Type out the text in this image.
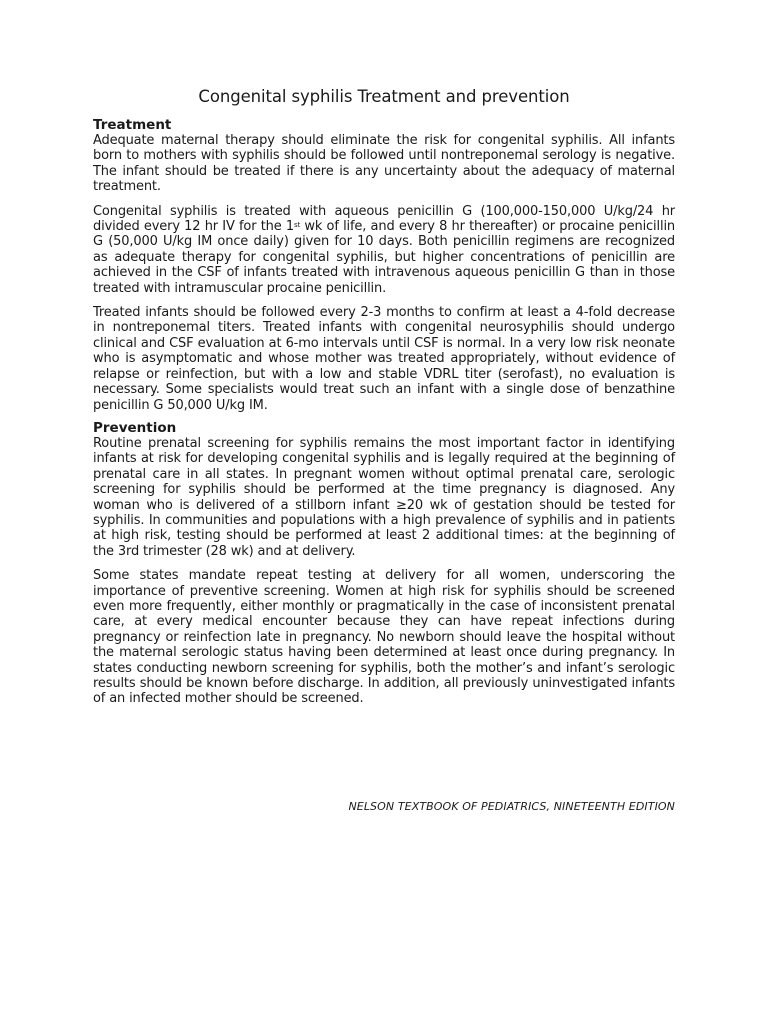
Congenital syphilis Treatment and prevention
Treatment

Adequate maternal therapy should eliminate the risk for congenital syphilis. All infants born to mothers with syphilis should be followed until nontreponemal serology is negative. The infant should be treated if there is any uncertainty about the adequacy of maternal treatment.

Congenital syphilis is treated with aqueous penicillin G (100,000-150,000 U/kg/24 hr divided every 12 hr IV for the 1st wk of life, and every 8 hr thereafter) or procaine penicillin G (50,000 U/kg IM once daily) given for 10 days. Both penicillin regimens are recognized as adequate therapy for congenital syphilis, but higher concentrations of penicillin are achieved in the CSF of infants treated with intravenous aqueous penicillin G than in those treated with intramuscular procaine penicillin.

Treated infants should be followed every 2-3 months to confirm at least a 4-fold decrease in nontreponemal titers. Treated infants with congenital neurosyphilis should undergo clinical and CSF evaluation at 6-mo intervals until CSF is normal. In a very low risk neonate who is asymptomatic and whose mother was treated appropriately, without evidence of relapse or reinfection, but with a low and stable VDRL titer (serofast), no evaluation is necessary. Some specialists would treat such an infant with a single dose of benzathine penicillin G 50,000 U/kg IM.

Prevention

Routine prenatal screening for syphilis remains the most important factor in identifying infants at risk for developing congenital syphilis and is legally required at the beginning of prenatal care in all states. In pregnant women without optimal prenatal care, serologic screening for syphilis should be performed at the time pregnancy is diagnosed. Any woman who is delivered of a stillborn infant ≥20 wk of gestation should be tested for syphilis. In communities and populations with a high prevalence of syphilis and in patients at high risk, testing should be performed at least 2 additional times: at the beginning of the 3rd trimester (28 wk) and at delivery.

Some states mandate repeat testing at delivery for all women, underscoring the importance of preventive screening. Women at high risk for syphilis should be screened even more frequently, either monthly or pragmatically in the case of inconsistent prenatal care, at every medical encounter because they can have repeat infections during pregnancy or reinfection late in pregnancy. No newborn should leave the hospital without the maternal serologic status having been determined at least once during pregnancy. In states conducting newborn screening for syphilis, both the mother’s and infant’s serologic results should be known before discharge. In addition, all previously uninvestigated infants of an infected mother should be screened.

NELSON TEXTBOOK OF PEDIATRICS, NINETEENTH EDITION
